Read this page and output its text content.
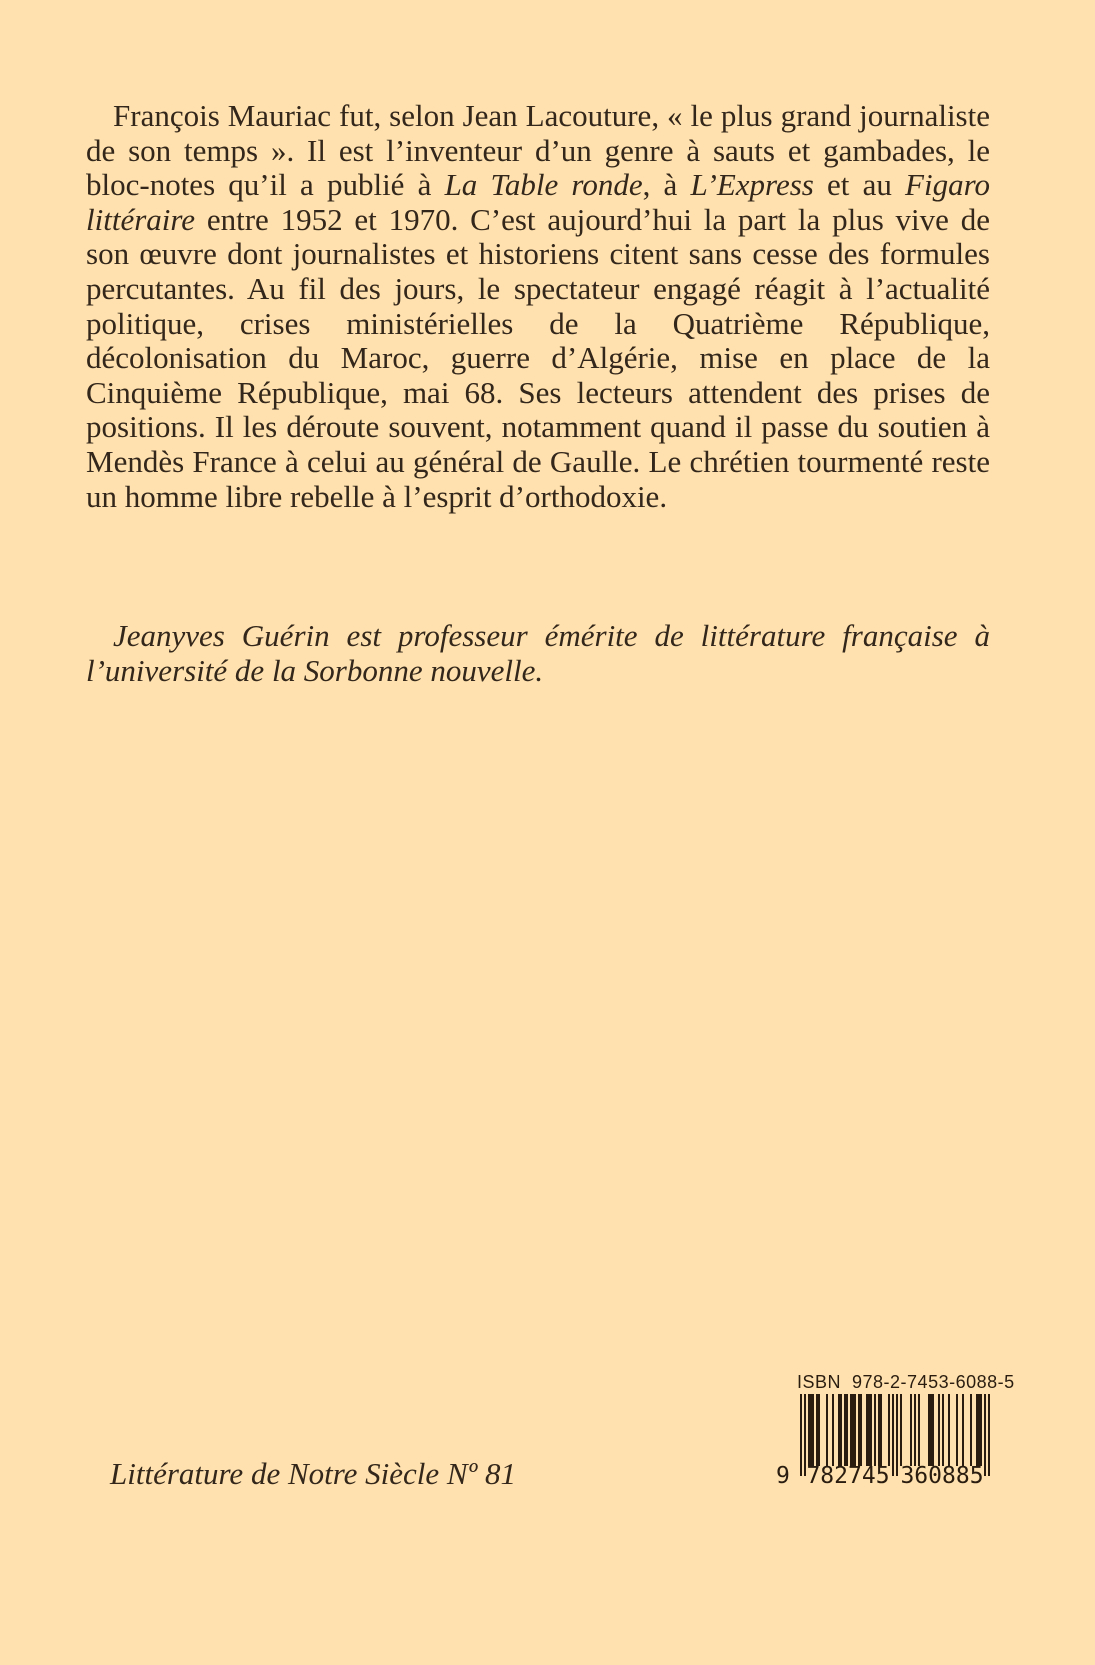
François Mauriac fut, selon Jean Lacouture, « le plus grand journaliste de son temps ». Il est l’inventeur d’un genre à sauts et gambades, le bloc-notes qu’il a publié à La Table ronde, à L’Express et au Figaro littéraire entre 1952 et 1970. C’est aujourd’hui la part la plus vive de son œuvre dont journalistes et historiens citent sans cesse des formules percutantes. Au fil des jours, le spectateur engagé réagit à l’actualité politique, crises ministérielles de la Quatrième République, décolonisation du Maroc, guerre d’Algérie, mise en place de la Cinquième République, mai 68. Ses lecteurs attendent des prises de positions. Il les déroute souvent, notamment quand il passe du soutien à Mendès France à celui au général de Gaulle. Le chrétien tourmenté reste un homme libre rebelle à l’esprit d’orthodoxie.

Jeanyves Guérin est professeur émérite de littérature française à l’université de la Sorbonne nouvelle.

Littérature de Notre Siècle Nº 81

ISBN  978-2-7453-6088-5
9 782745 360885
